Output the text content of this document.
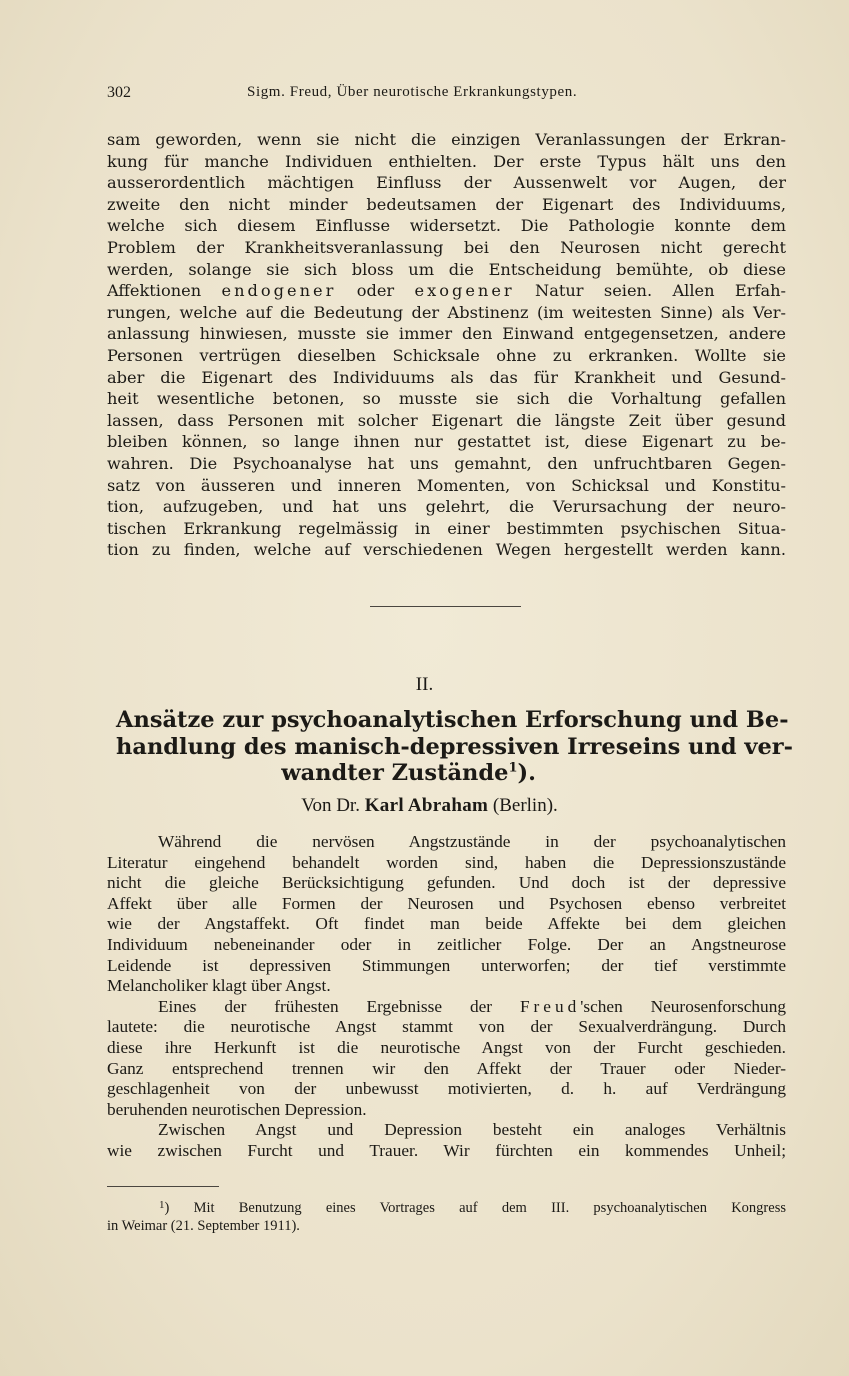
302	Sigm. Freud, Über neurotische Erkrankungstypen.
sam geworden, wenn sie nicht die einzigen Veranlassungen der Erkran-
kung für manche Individuen enthielten. Der erste Typus hält uns den
ausserordentlich mächtigen Einfluss der Aussenwelt vor Augen, der
zweite den nicht minder bedeutsamen der Eigenart des Individuums,
welche sich diesem Einflusse widersetzt. Die Pathologie konnte dem
Problem der Krankheitsveranlassung bei den Neurosen nicht gerecht
werden, solange sie sich bloss um die Entscheidung bemühte, ob diese
Affektionen endogener oder exogener Natur seien. Allen Erfah-
rungen, welche auf die Bedeutung der Abstinenz (im weitesten Sinne) als Ver-
anlassung hinwiesen, musste sie immer den Einwand entgegensetzen, andere
Personen vertrügen dieselben Schicksale ohne zu erkranken. Wollte sie
aber die Eigenart des Individuums als das für Krankheit und Gesund-
heit wesentliche betonen, so musste sie sich die Vorhaltung gefallen
lassen, dass Personen mit solcher Eigenart die längste Zeit über gesund
bleiben können, so lange ihnen nur gestattet ist, diese Eigenart zu be-
wahren. Die Psychoanalyse hat uns gemahnt, den unfruchtbaren Gegen-
satz von äusseren und inneren Momenten, von Schicksal und Konstitu-
tion, aufzugeben, und hat uns gelehrt, die Verursachung der neuro-
tischen Erkrankung regelmässig in einer bestimmten psychischen Situa-
tion zu finden, welche auf verschiedenen Wegen hergestellt werden kann.
II.
Ansätze zur psychoanalytischen Erforschung und Be-
handlung des manisch-depressiven Irreseins und ver-
wandter Zustände$^1$).
Von Dr. Karl Abraham (Berlin).
Während die nervösen Angstzustände in der psychoanalytischen
Literatur eingehend behandelt worden sind, haben die Depressionszustände
nicht die gleiche Berücksichtigung gefunden. Und doch ist der depressive
Affekt über alle Formen der Neurosen und Psychosen ebenso verbreitet
wie der Angstaffekt. Oft findet man beide Affekte bei dem gleichen
Individuum nebeneinander oder in zeitlicher Folge. Der an Angstneurose
Leidende ist depressiven Stimmungen unterworfen; der tief verstimmte
Melancholiker klagt über Angst.
Eines der frühesten Ergebnisse der Freud'schen Neurosenforschung
lautete: die neurotische Angst stammt von der Sexualverdrängung. Durch
diese ihre Herkunft ist die neurotische Angst von der Furcht geschieden.
Ganz entsprechend trennen wir den Affekt der Trauer oder Nieder-
geschlagenheit von der unbewusst motivierten, d. h. auf Verdrängung
beruhenden neurotischen Depression.
Zwischen Angst und Depression besteht ein analoges Verhältnis
wie zwischen Furcht und Trauer. Wir fürchten ein kommendes Unheil;
$^1$) Mit Benutzung eines Vortrages auf dem III. psychoanalytischen Kongress
in Weimar (21. September 1911).
